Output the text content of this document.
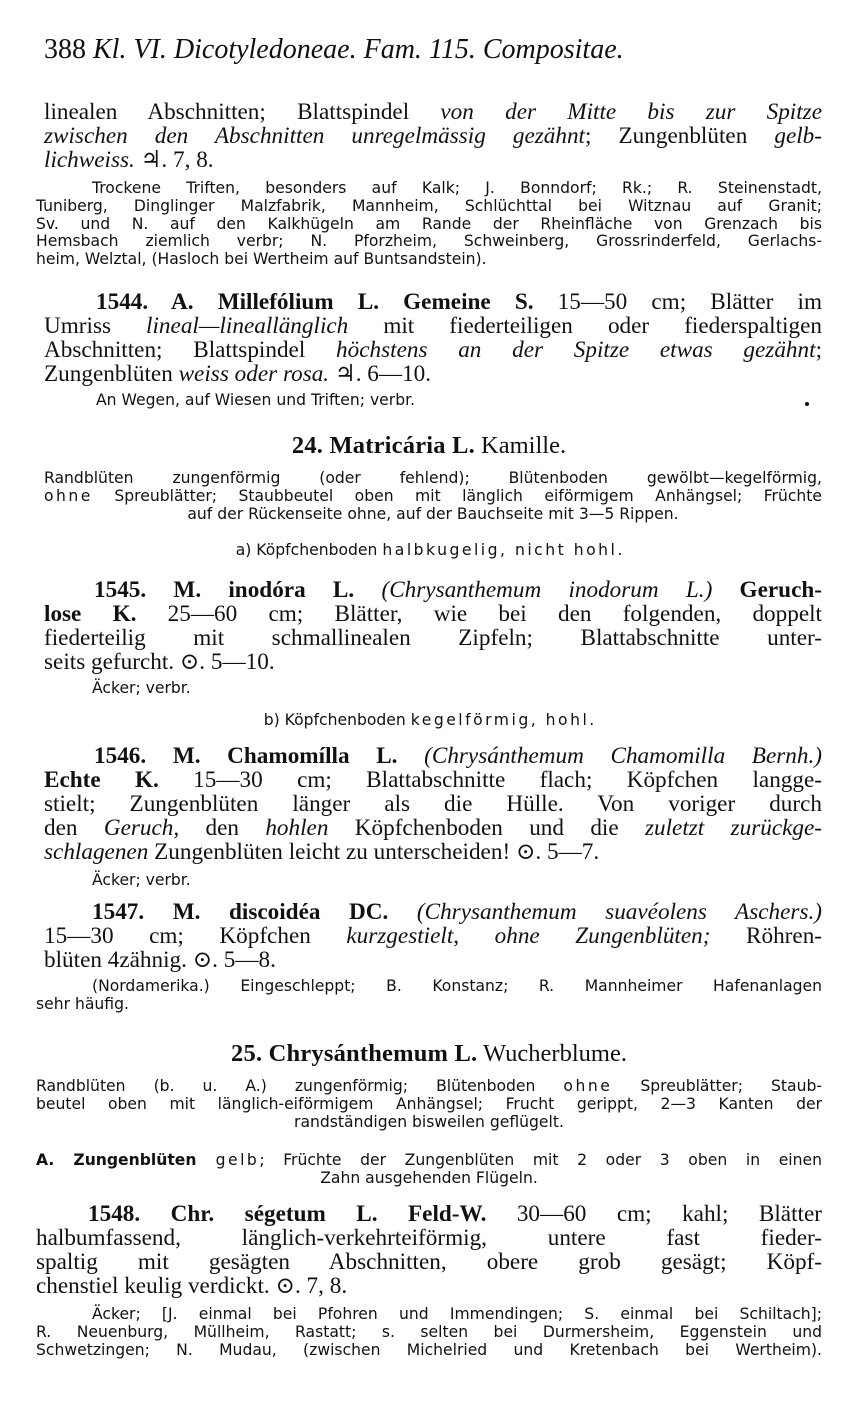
388 Kl. VI. Dicotyledoneae. Fam. 115. Compositae.
linealen Abschnitten; Blattspindel von der Mitte bis zur Spitze
zwischen den Abschnitten unregelmässig gezähnt; Zungenblüten gelb-
lichweiss. ♃. 7, 8.
Trockene Triften, besonders auf Kalk; J. Bonndorf; Rk.; R. Steinenstadt,
Tuniberg, Dinglinger Malzfabrik, Mannheim, Schlüchttal bei Witznau auf Granit;
Sv. und N. auf den Kalkhügeln am Rande der Rheinfläche von Grenzach bis
Hemsbach ziemlich verbr; N. Pforzheim, Schweinberg, Grossrinderfeld, Gerlachs-
heim, Welztal, (Hasloch bei Wertheim auf Buntsandstein).
1544. A. Millefólium L. Gemeine S. 15—50 cm; Blätter im
Umriss lineal—lineallänglich mit fiederteiligen oder fiederspaltigen
Abschnitten; Blattspindel höchstens an der Spitze etwas gezähnt;
Zungenblüten weiss oder rosa. ♃. 6—10.
An Wegen, auf Wiesen und Triften; verbr.
24. Matricária L. Kamille.
Randblüten zungenförmig (oder fehlend); Blütenboden gewölbt—kegelförmig,
ohne Spreublätter; Staubbeutel oben mit länglich eiförmigem Anhängsel; Früchte
auf der Rückenseite ohne, auf der Bauchseite mit 3—5 Rippen.
a) Köpfchenboden halbkugelig, nicht hohl.
1545. M. inodóra L. (Chrysanthemum inodorum L.) Geruch-
lose K. 25—60 cm; Blätter, wie bei den folgenden, doppelt
fiederteilig mit schmallinealen Zipfeln; Blattabschnitte unter-
seits gefurcht. ⊙. 5—10.
Äcker; verbr.
b) Köpfchenboden kegelförmig, hohl.
1546. M. Chamomílla L. (Chrysánthemum Chamomilla Bernh.)
Echte K. 15—30 cm; Blattabschnitte flach; Köpfchen langge-
stielt; Zungenblüten länger als die Hülle. Von voriger durch
den Geruch, den hohlen Köpfchenboden und die zuletzt zurückge-
schlagenen Zungenblüten leicht zu unterscheiden! ⊙. 5—7.
Äcker; verbr.
1547. M. discoidéa DC. (Chrysanthemum suavéolens Aschers.)
15—30 cm; Köpfchen kurzgestielt, ohne Zungenblüten; Röhren-
blüten 4zähnig. ⊙. 5—8.
(Nordamerika.) Eingeschleppt; B. Konstanz; R. Mannheimer Hafenanlagen
sehr häufig.
25. Chrysánthemum L. Wucherblume.
Randblüten (b. u. A.) zungenförmig; Blütenboden ohne Spreublätter; Staub-
beutel oben mit länglich-eiförmigem Anhängsel; Frucht gerippt, 2—3 Kanten der
randständigen bisweilen geflügelt.
A. Zungenblüten gelb; Früchte der Zungenblüten mit 2 oder 3 oben in einen
Zahn ausgehenden Flügeln.
1548. Chr. ségetum L. Feld-W. 30—60 cm; kahl; Blätter
halbumfassend, länglich-verkehrteiförmig, untere fast fieder-
spaltig mit gesägten Abschnitten, obere grob gesägt; Köpf-
chenstiel keulig verdickt. ⊙. 7, 8.
Äcker; [J. einmal bei Pfohren und Immendingen; S. einmal bei Schiltach];
R. Neuenburg, Müllheim, Rastatt; s. selten bei Durmersheim, Eggenstein und
Schwetzingen; N. Mudau, (zwischen Michelried und Kretenbach bei Wertheim).
